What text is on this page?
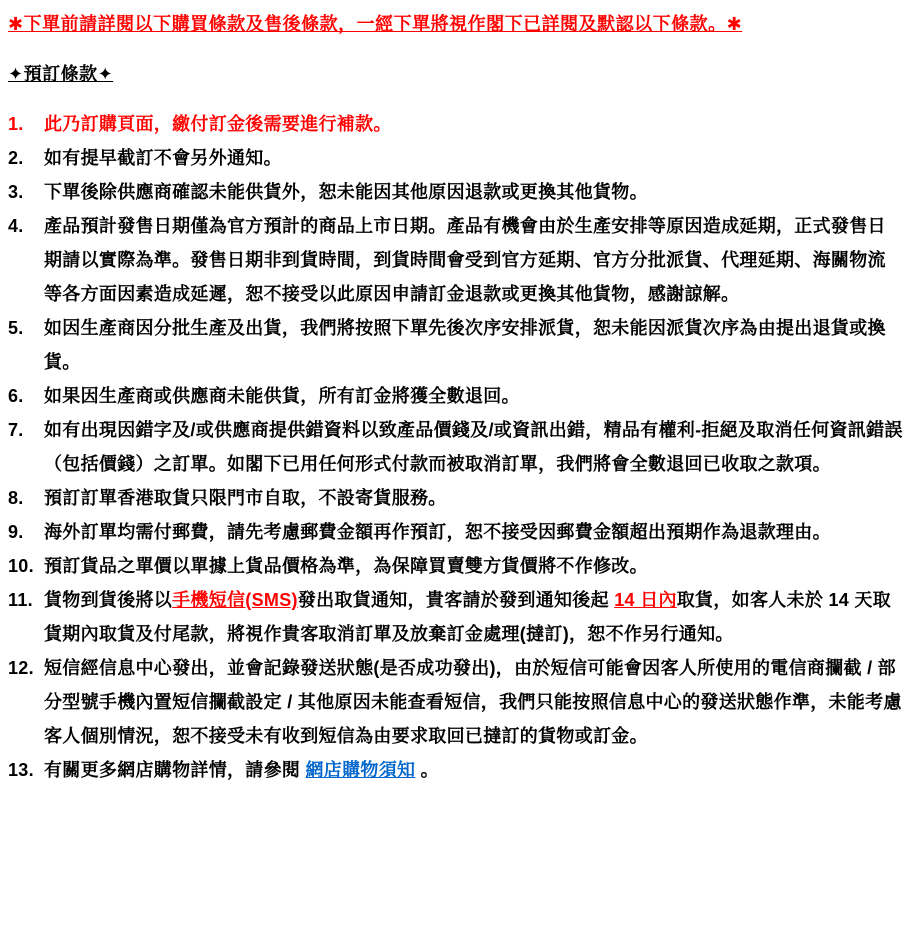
✱下單前請詳閱以下購買條款及售後條款，一經下單將視作閣下已詳閱及默認以下條款。✱
✦預訂條款✦
1.	此乃訂購頁面，繳付訂金後需要進行補款。
2.	如有提早截訂不會另外通知。
3.	下單後除供應商確認未能供貨外，恕未能因其他原因退款或更換其他貨物。
4.	產品預計發售日期僅為官方預計的商品上市日期。產品有機會由於生產安排等原因造成延期，正式發售日期請以實際為準。發售日期非到貨時間，到貨時間會受到官方延期、官方分批派貨、代理延期、海關物流等各方面因素造成延遲，恕不接受以此原因申請訂金退款或更換其他貨物，感謝諒解。
5.	如因生產商因分批生產及出貨，我們將按照下單先後次序安排派貨，恕未能因派貨次序為由提出退貨或換貨。
6.	如果因生產商或供應商未能供貨，所有訂金將獲全數退回。
7.	如有出現因錯字及/或供應商提供錯資料以致產品價錢及/或資訊出錯，精品有權利-拒絕及取消任何資訊錯誤（包括價錢）之訂單。如閣下已用任何形式付款而被取消訂單，我們將會全數退回已收取之款項。
8.	預訂訂單香港取貨只限門市自取，不設寄貨服務。
9.	海外訂單均需付郵費，請先考慮郵費金額再作預訂，恕不接受因郵費金額超出預期作為退款理由。
10. 預訂貨品之單價以單據上貨品價格為準，為保障買賣雙方貨價將不作修改。
11. 貨物到貨後將以手機短信(SMS)發出取貨通知，貴客請於發到通知後起 14 日內取貨，如客人未於 14 天取貨期內取貨及付尾款，將視作貴客取消訂單及放棄訂金處理(撻訂)，恕不作另行通知。
12. 短信經信息中心發出，並會記錄發送狀態(是否成功發出)，由於短信可能會因客人所使用的電信商攔截 / 部分型號手機內置短信攔截設定 / 其他原因未能查看短信，我們只能按照信息中心的發送狀態作準，未能考慮客人個別情況，恕不接受未有收到短信為由要求取回已撻訂的貨物或訂金。
13. 有關更多網店購物詳情，請參閱 網店購物須知 。
